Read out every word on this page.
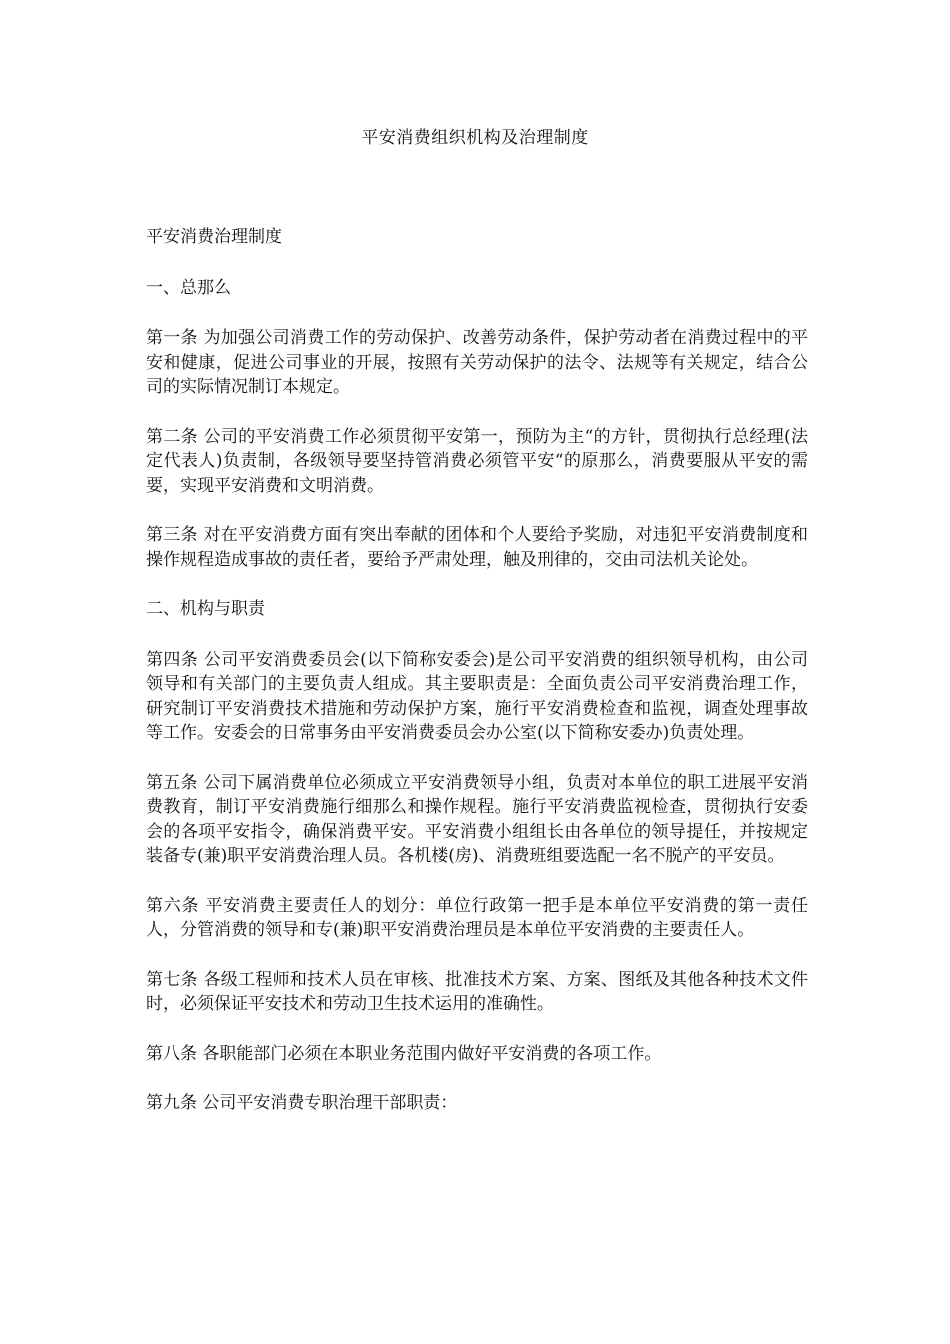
平安消费组织机构及治理制度

平安消费治理制度

一、总那么

第一条 为加强公司消费工作的劳动保护、改善劳动条件，保护劳动者在消费过程中的平安和健康，促进公司事业的开展，按照有关劳动保护的法令、法规等有关规定，结合公司的实际情况制订本规定。

第二条 公司的平安消费工作必须贯彻平安第一，预防为主“的方针，贯彻执行总经理(法定代表人)负责制，各级领导要坚持管消费必须管平安“的原那么，消费要服从平安的需要，实现平安消费和文明消费。

第三条 对在平安消费方面有突出奉献的团体和个人要给予奖励，对违犯平安消费制度和操作规程造成事故的责任者，要给予严肃处理，触及刑律的，交由司法机关论处。

二、机构与职责

第四条 公司平安消费委员会(以下简称安委会)是公司平安消费的组织领导机构，由公司领导和有关部门的主要负责人组成。其主要职责是：全面负责公司平安消费治理工作，研究制订平安消费技术措施和劳动保护方案，施行平安消费检查和监视，调查处理事故等工作。安委会的日常事务由平安消费委员会办公室(以下简称安委办)负责处理。

第五条 公司下属消费单位必须成立平安消费领导小组，负责对本单位的职工进展平安消费教育，制订平安消费施行细那么和操作规程。施行平安消费监视检查，贯彻执行安委会的各项平安指令，确保消费平安。平安消费小组组长由各单位的领导提任，并按规定装备专(兼)职平安消费治理人员。各机楼(房)、消费班组要选配一名不脱产的平安员。

第六条 平安消费主要责任人的划分：单位行政第一把手是本单位平安消费的第一责任人，分管消费的领导和专(兼)职平安消费治理员是本单位平安消费的主要责任人。

第七条 各级工程师和技术人员在审核、批准技术方案、方案、图纸及其他各种技术文件时，必须保证平安技术和劳动卫生技术运用的准确性。

第八条 各职能部门必须在本职业务范围内做好平安消费的各项工作。

第九条 公司平安消费专职治理干部职责：
